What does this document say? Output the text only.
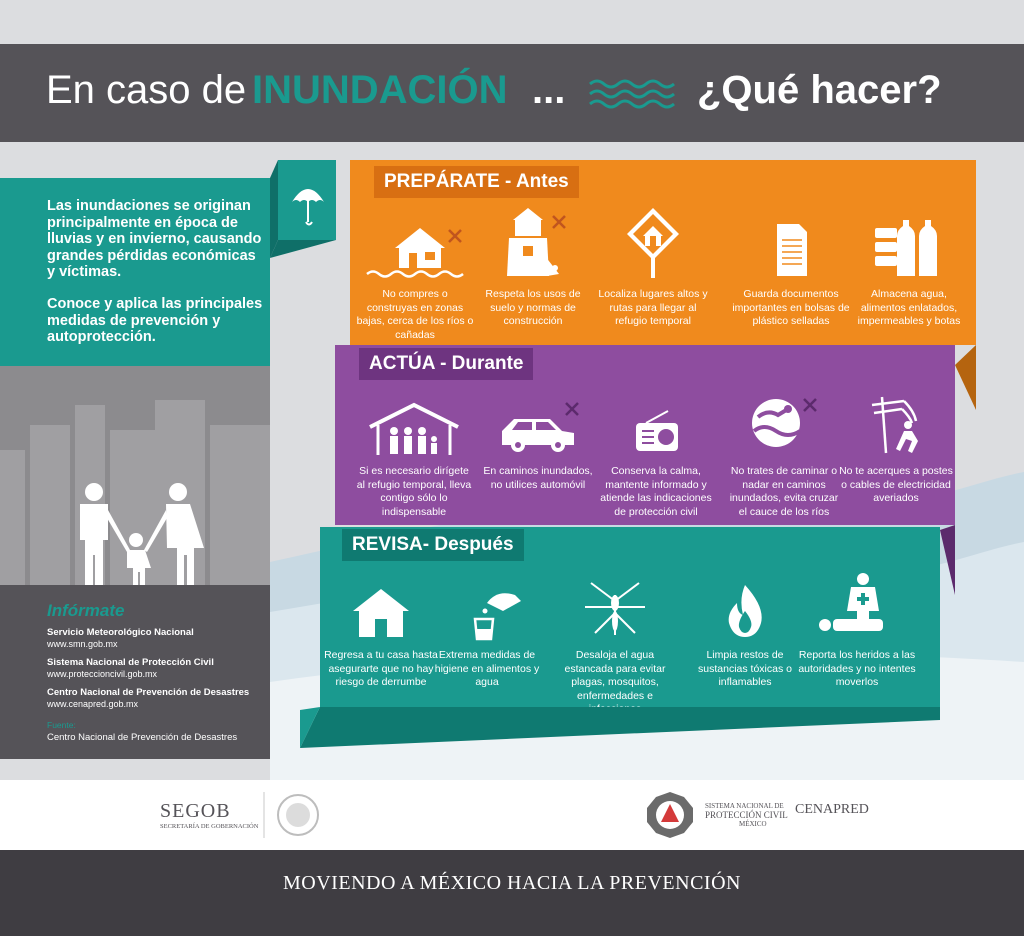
En caso de INUNDACIÓN ...	¿Qué hacer?

Las inundaciones se originan principalmente en época de lluvias y en invierno, causando grandes pérdidas económicas y víctimas.

Conoce y aplica las principales medidas de prevención y autoprotección.

Infórmate
Servicio Meteorológico Nacional
www.smn.gob.mx
Sistema Nacional de Protección Civil
www.proteccioncivil.gob.mx
Centro Nacional de Prevención de Desastres
www.cenapred.gob.mx
Fuente:
Centro Nacional de Prevención de Desastres
PREPÁRATE - Antes
No compres o construyas en zonas bajas, cerca de los ríos o cañadas
Respeta los usos de suelo y normas de construcción
Localiza lugares altos y rutas para llegar al refugio temporal
Guarda documentos importantes en bolsas de plástico selladas
Almacena agua, alimentos enlatados, impermeables y botas
ACTÚA - Durante
Si es necesario dirígete al refugio temporal, lleva contigo sólo lo indispensable
En caminos inundados, no utilices automóvil
Conserva la calma, mantente informado y atiende las indicaciones de protección civil
No trates de caminar o nadar en caminos inundados, evita cruzar el cauce de los ríos
No te acerques a postes o cables de electricidad averiados
REVISA- Después
Regresa a tu casa hasta asegurarte que no hay riesgo de derrumbe
Extrema medidas de higiene en alimentos y agua
Desaloja el agua estancada para evitar plagas, mosquitos, enfermedades e
Limpia restos de sustancias tóxicas o inflamables
Reporta los heridos a las autoridades y no intentes moverlos
SEGOB
SECRETARÍA DE GOBERNACIÓN
SISTEMA NACIONAL DE
PROTECCIÓN CIVIL
MÉXICO
CENAPRED
MOVIENDO A MÉXICO HACIA LA PREVENCIÓN
